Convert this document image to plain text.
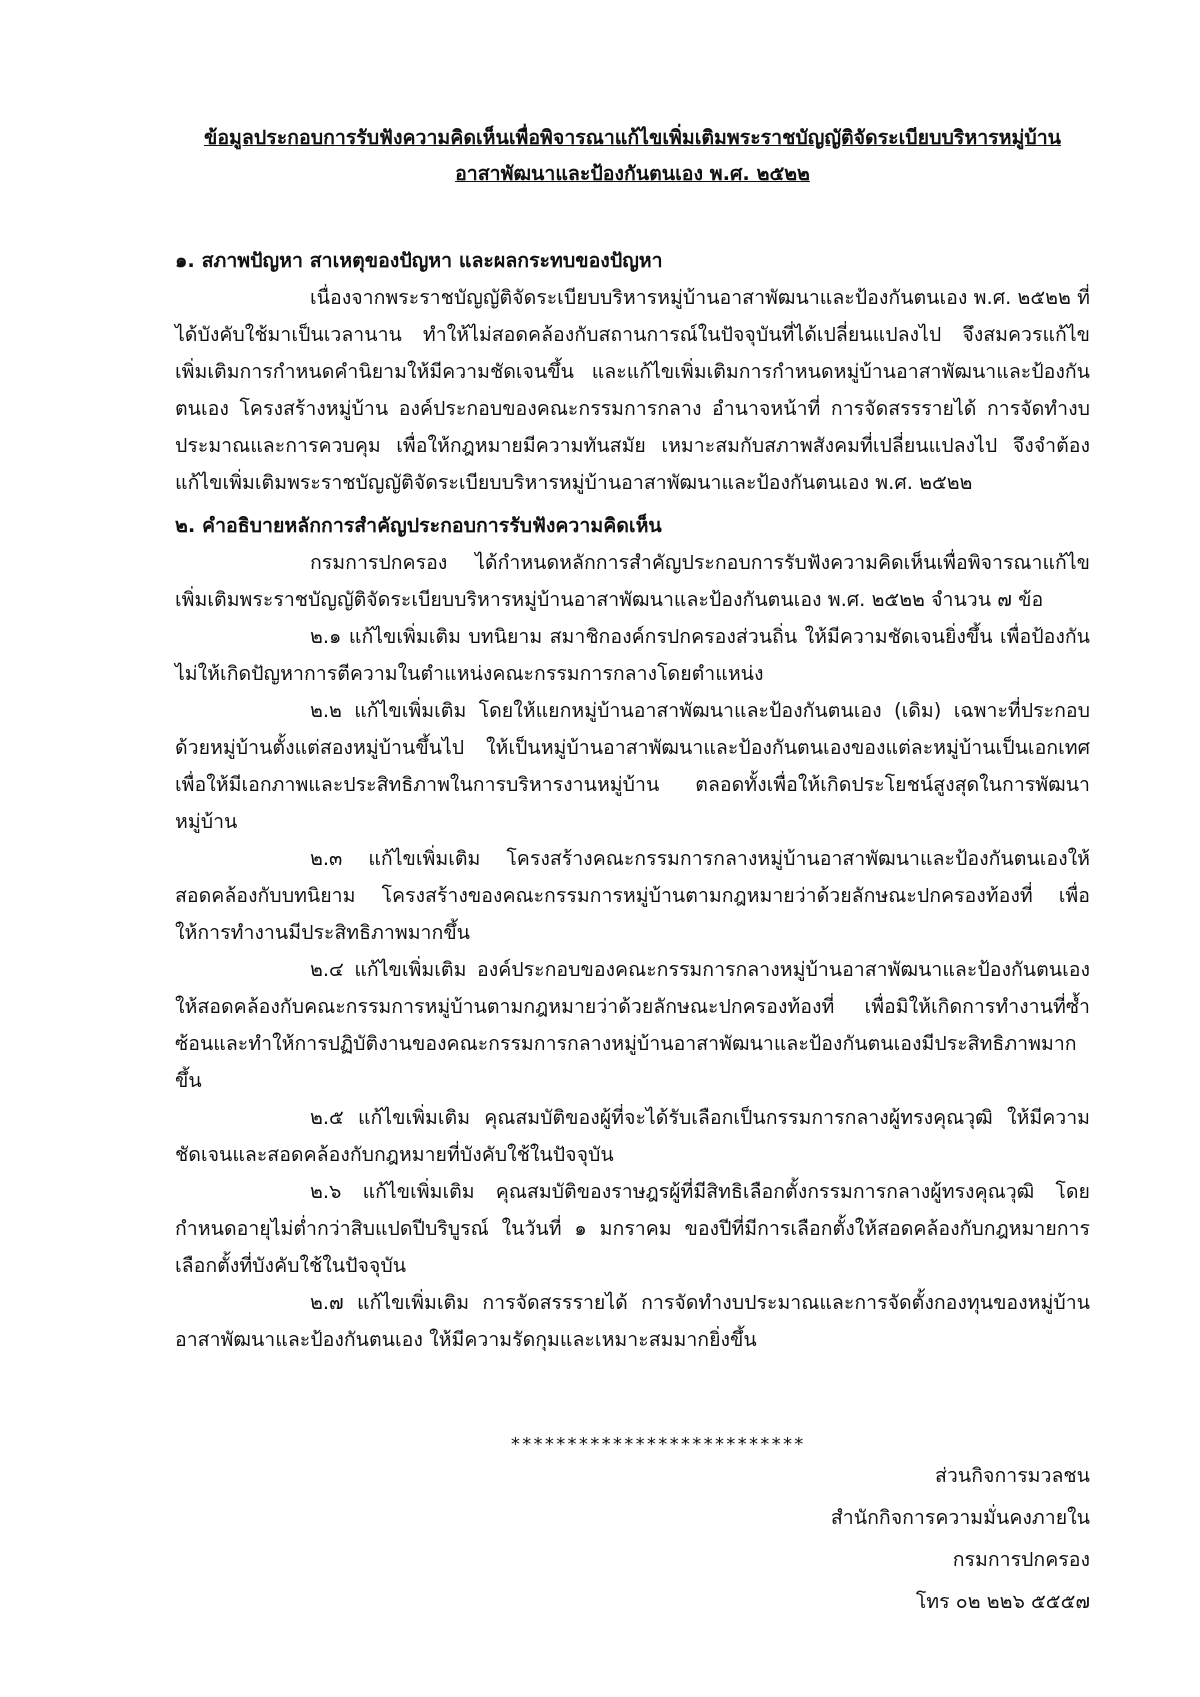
ข้อมูลประกอบการรับฟังความคิดเห็นเพื่อพิจารณาแก้ไขเพิ่มเติมพระราชบัญญัติจัดระเบียบบริหารหมู่บ้าน
อาสาพัฒนาและป้องกันตนเอง พ.ศ. ๒๕๒๒

๑. สภาพปัญหา สาเหตุของปัญหา และผลกระทบของปัญหา

เนื่องจากพระราชบัญญัติจัดระเบียบบริหารหมู่บ้านอาสาพัฒนาและป้องกันตนเอง พ.ศ. ๒๕๒๒ ที่ได้บังคับใช้มาเป็นเวลานาน ทำให้ไม่สอดคล้องกับสถานการณ์ในปัจจุบันที่ได้เปลี่ยนแปลงไป จึงสมควรแก้ไขเพิ่มเติมการกำหนดคำนิยามให้มีความชัดเจนขึ้น และแก้ไขเพิ่มเติมการกำหนดหมู่บ้านอาสาพัฒนาและป้องกันตนเอง โครงสร้างหมู่บ้าน องค์ประกอบของคณะกรรมการกลาง อำนาจหน้าที่ การจัดสรรรายได้ การจัดทำงบประมาณและการควบคุม เพื่อให้กฎหมายมีความทันสมัย เหมาะสมกับสภาพสังคมที่เปลี่ยนแปลงไป จึงจำต้องแก้ไขเพิ่มเติมพระราชบัญญัติจัดระเบียบบริหารหมู่บ้านอาสาพัฒนาและป้องกันตนเอง พ.ศ. ๒๕๒๒

๒. คำอธิบายหลักการสำคัญประกอบการรับฟังความคิดเห็น

กรมการปกครอง ได้กำหนดหลักการสำคัญประกอบการรับฟังความคิดเห็นเพื่อพิจารณาแก้ไขเพิ่มเติมพระราชบัญญัติจัดระเบียบบริหารหมู่บ้านอาสาพัฒนาและป้องกันตนเอง พ.ศ. ๒๕๒๒ จำนวน ๗ ข้อ

๒.๑ แก้ไขเพิ่มเติม บทนิยาม สมาชิกองค์กรปกครองส่วนถิ่น ให้มีความชัดเจนยิ่งขึ้น เพื่อป้องกันไม่ให้เกิดปัญหาการตีความในตำแหน่งคณะกรรมการกลางโดยตำแหน่ง

๒.๒ แก้ไขเพิ่มเติม โดยให้แยกหมู่บ้านอาสาพัฒนาและป้องกันตนเอง (เดิม) เฉพาะที่ประกอบด้วยหมู่บ้านตั้งแต่สองหมู่บ้านขึ้นไป ให้เป็นหมู่บ้านอาสาพัฒนาและป้องกันตนเองของแต่ละหมู่บ้านเป็นเอกเทศ เพื่อให้มีเอกภาพและประสิทธิภาพในการบริหารงานหมู่บ้าน ตลอดทั้งเพื่อให้เกิดประโยชน์สูงสุดในการพัฒนาหมู่บ้าน

๒.๓ แก้ไขเพิ่มเติม โครงสร้างคณะกรรมการกลางหมู่บ้านอาสาพัฒนาและป้องกันตนเองให้สอดคล้องกับบทนิยาม โครงสร้างของคณะกรรมการหมู่บ้านตามกฎหมายว่าด้วยลักษณะปกครองท้องที่ เพื่อให้การทำงานมีประสิทธิภาพมากขึ้น

๒.๔ แก้ไขเพิ่มเติม องค์ประกอบของคณะกรรมการกลางหมู่บ้านอาสาพัฒนาและป้องกันตนเองให้สอดคล้องกับคณะกรรมการหมู่บ้านตามกฎหมายว่าด้วยลักษณะปกครองท้องที่ เพื่อมิให้เกิดการทำงานที่ซ้ำซ้อนและทำให้การปฏิบัติงานของคณะกรรมการกลางหมู่บ้านอาสาพัฒนาและป้องกันตนเองมีประสิทธิภาพมากขึ้น

๒.๕ แก้ไขเพิ่มเติม คุณสมบัติของผู้ที่จะได้รับเลือกเป็นกรรมการกลางผู้ทรงคุณวุฒิ ให้มีความชัดเจนและสอดคล้องกับกฎหมายที่บังคับใช้ในปัจจุบัน

๒.๖ แก้ไขเพิ่มเติม คุณสมบัติของราษฎรผู้ที่มีสิทธิเลือกตั้งกรรมการกลางผู้ทรงคุณวุฒิ โดยกำหนดอายุไม่ต่ำกว่าสิบแปดปีบริบูรณ์ ในวันที่ ๑ มกราคม ของปีที่มีการเลือกตั้งให้สอดคล้องกับกฎหมายการเลือกตั้งที่บังคับใช้ในปัจจุบัน

๒.๗ แก้ไขเพิ่มเติม การจัดสรรรายได้ การจัดทำงบประมาณและการจัดตั้งกองทุนของหมู่บ้านอาสาพัฒนาและป้องกันตนเอง ให้มีความรัดกุมและเหมาะสมมากยิ่งขึ้น

**************************
ส่วนกิจการมวลชน
สำนักกิจการความมั่นคงภายใน
กรมการปกครอง
โทร ๐๒ ๒๒๖ ๕๕๕๗
